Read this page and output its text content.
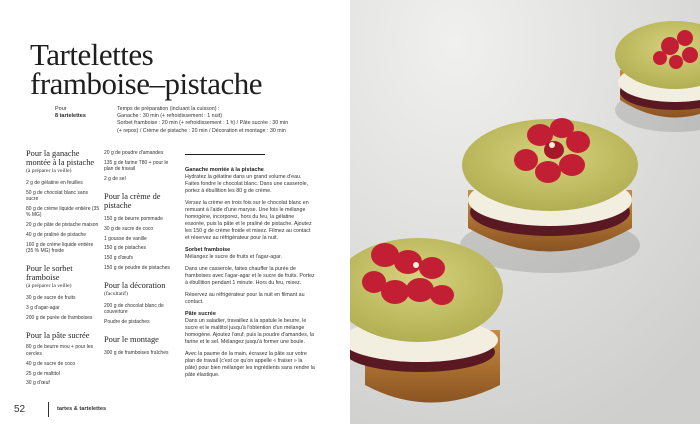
Tartelettes
framboise–pistache
Pour
8 tartelettes
Temps de préparation (incluant la cuisson) :
Ganache : 30 min (+ refroidissement : 1 nuit)
Sorbet framboise : 20 min (+ refroidissement : 1 h) / Pâte sucrée : 30 min
(+ repos) / Crème de pistache : 20 min / Décoration et montage : 30 min

Pour la ganache montée à la pistache

(à préparer la veille)

2 g de gélatine en feuilles

50 g de chocolat blanc sans sucre

80 g de crème liquide entière (35 % MG)

20 g de pâte de pistache maison

40 g de praliné de pistache

160 g de crème liquide entière (35 % MG) froide

Pour le sorbet framboise

(à préparer la veille)

30 g de sucre de fruits

3 g d'agar-agar

200 g de purée de framboises

Pour la pâte sucrée

80 g de beurre mou + pour les cercles

40 g de sucre de coco

25 g de maltitol

30 g d'œuf

20 g de poudre d'amandes

135 g de farine T80 + pour le plan de travail

2 g de sel

Pour la crème de pistache

150 g de beurre pommade

30 g de sucre de coco

1 gousse de vanille

150 g de pistaches

150 g d'œufs

150 g de poudre de pistaches

Pour la décoration

(facultatif)

200 g de chocolat blanc de couverture

Poudre de pistaches

Pour le montage

300 g de framboises fraîches

Ganache montée à la pistache

Hydratez la gélatine dans un grand volume d'eau. Faites fondre le chocolat blanc. Dans une casserole, portez à ébullition les 80 g de crème.

Versez la crème en trois fois sur le chocolat blanc en remuant à l'aide d'une maryse. Une fois le mélange homogène, incorporez, hors du feu, la gélatine essorée, puis la pâte et le praliné de pistache. Ajoutez les 150 g de crème froide et mixez. Filmez au contact et réservez au réfrigérateur pour la nuit.

Sorbet framboise

Mélangez le sucre de fruits et l'agar-agar.

Dans une casserole, faites chauffer la purée de framboises avec l'agar-agar et le sucre de fruits. Portez à ébullition pendant 1 minute. Hors du feu, mixez.

Réservez au réfrigérateur pour la nuit en filmant au contact.

Pâte sucrée

Dans un saladier, travaillez à la spatule le beurre, le sucre et le maltitol jusqu'à l'obtention d'un mélange homogène. Ajoutez l'œuf, puis la poudre d'amandes, la farine et le sel. Mélangez jusqu'à former une boule.

Avec la paume de la main, écrasez la pâte sur votre plan de travail (c'est ce qu'on appelle « fraiser » la pâte) pour bien mélanger les ingrédients sans rendre la pâte élastique.

52	tartes & tartelettes
